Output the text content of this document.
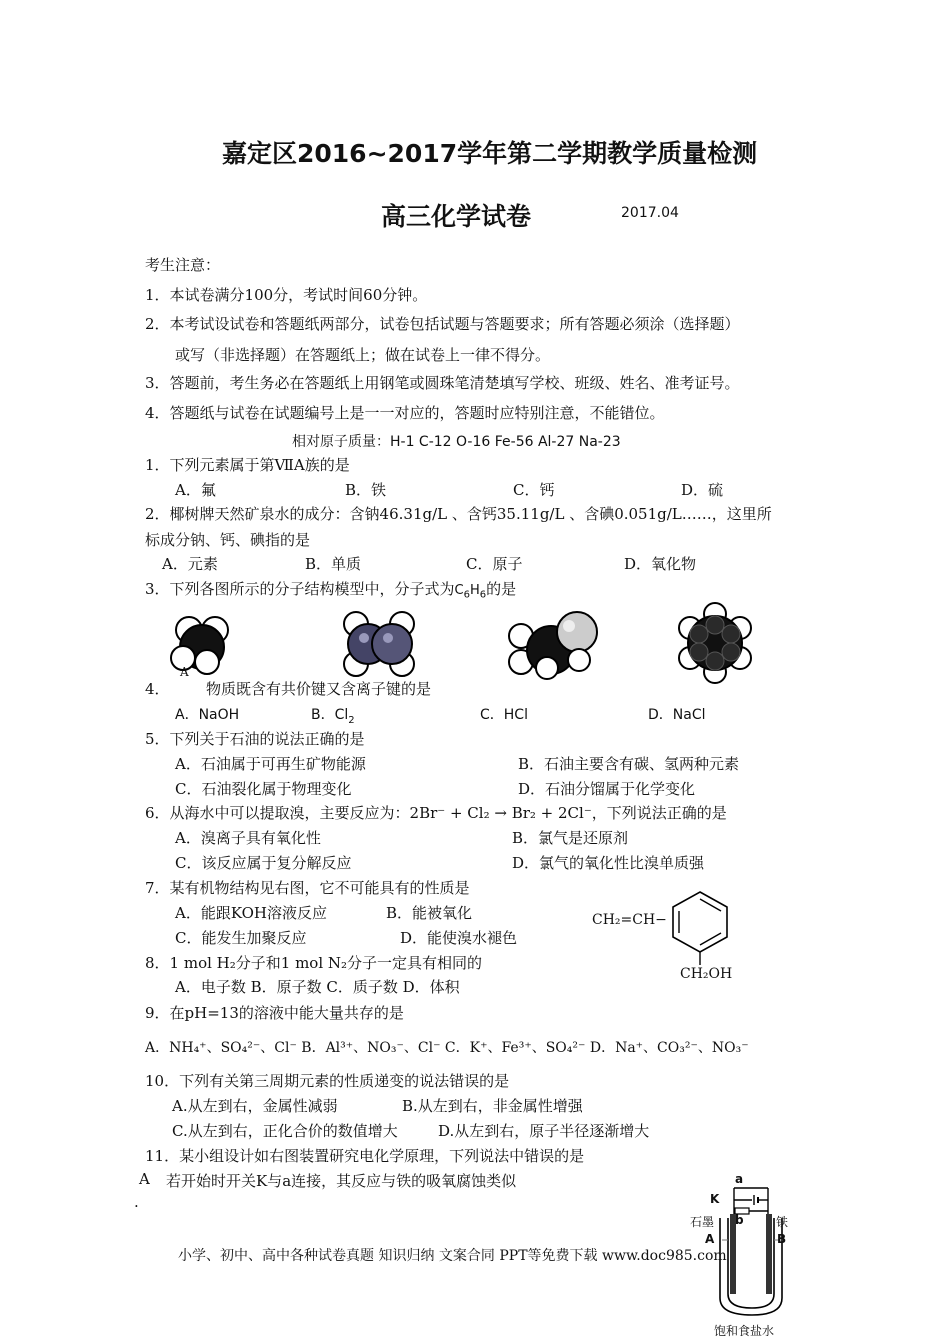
嘉定区2016~2017学年第二学期教学质量检测
高三化学试卷	2017.04
考生注意：
1．本试卷满分100分，考试时间60分钟。
2．本考试设试卷和答题纸两部分，试卷包括试题与答题要求；所有答题必须涂（选择题）
或写（非选择题）在答题纸上；做在试卷上一律不得分。
3．答题前，考生务必在答题纸上用钢笔或圆珠笔清楚填写学校、班级、姓名、准考证号。
4．答题纸与试卷在试题编号上是一一对应的，答题时应特别注意，不能错位。
相对原子质量：H-1 C-12 O-16 Fe-56 Al-27 Na-23
1．下列元素属于第ⅦA族的是
A．氟	B．铁	C．钙	D．硫
2．椰树牌天然矿泉水的成分：含钠46.31g/L 、含钙35.11g/L 、含碘0.051g/L……，这里所
标成分钠、钙、碘指的是
A．元素	B．单质	C．原子	D．氧化物
3．下列各图所示的分子结构模型中，分子式为$C_6H_6$的是
A
4． 物质既含有共价键又含离子键的是
A．NaOH	B．$Cl_2$	C．HCl	D．NaCl
5．下列关于石油的说法正确的是
A．石油属于可再生矿物能源	B．石油主要含有碳、氢两种元素
C．石油裂化属于物理变化	D．石油分馏属于化学变化
6．从海水中可以提取溴，主要反应为：2Br⁻ + Cl₂ → Br₂ + 2Cl⁻，下列说法正确的是
A．溴离子具有氧化性	B．氯气是还原剂
C．该反应属于复分解反应	D．氯气的氧化性比溴单质强
7．某有机物结构见右图，它不可能具有的性质是
A．能跟KOH溶液反应	B．能被氧化
C．能发生加聚反应	D．能使溴水褪色
CH₂=CH−
CH₂OH
8．1 mol H₂分子和1 mol N₂分子一定具有相同的
A．电子数 B．原子数 C．质子数 D．体积
9．在pH=13的溶液中能大量共存的是
A．NH₄⁺、SO₄²⁻、Cl⁻ B．Al³⁺、NO₃⁻、Cl⁻ C．K⁺、Fe³⁺、SO₄²⁻ D．Na⁺、CO₃²⁻、NO₃⁻
10．下列有关第三周期元素的性质递变的说法错误的是
A.从左到右，金属性减弱	B.从左到右，非金属性增强
C.从左到右，正化合价的数值增大	D.从左到右，原子半径逐渐增大
11．某小组设计如右图装置研究电化学原理，下列说法中错误的是
A 若开始时开关K与a连接，其反应与铁的吸氧腐蚀类似
.
a
K
b
石墨	铁
A	B
饱和食盐水
小学、初中、高中各种试卷真题 知识归纳 文案合同 PPT等免费下载 www.doc985.com
